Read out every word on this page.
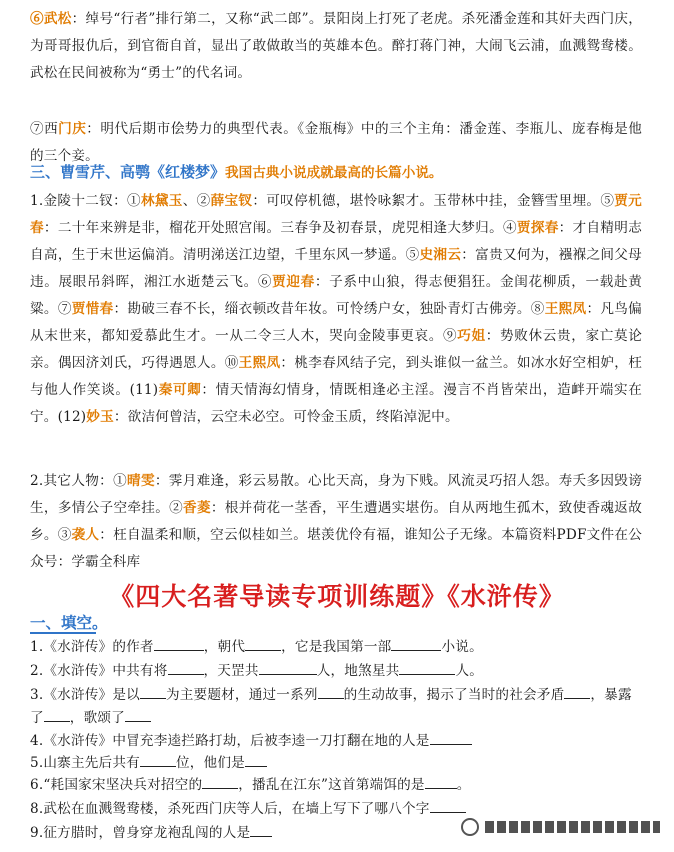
⑥武松：绰号“行者”排行第二，又称“武二郎”。景阳岗上打死了老虎。杀死潘金莲和其奸夫西门庆，为哥哥报仇后，到官衙自首，显出了敢做敢当的英雄本色。醉打蒋门神，大闹飞云浦，血溅鸳鸯楼。武松在民间被称为“勇士”的代名词。
⑦西门庆：明代后期市侩势力的典型代表。《金瓶梅》中的三个主角：潘金莲、李瓶儿、庞春梅是他的三个妾。
三、曹雪芹、高鹗《红楼梦》我国古典小说成就最高的长篇小说。
1.金陵十二钗：①林黛玉、②薛宝钗：可叹停机德，堪怜咏絮才。玉带林中挂，金簪雪里埋。⑤贾元春：二十年来辨是非，榴花开处照宫闱。三春争及初春景，虎兕相逢大梦归。④贾探春：才自精明志自高，生于末世运偏消。清明涕送江边望，千里东风一梦遥。⑤史湘云：富贵又何为，襁褓之间父母违。展眼吊斜晖，湘江水逝楚云飞。⑥贾迎春：子系中山狼，得志便猖狂。金闺花柳质，一载赴黄粱。⑦贾惜春：勘破三春不长，缁衣顿改昔年妆。可怜绣户女，独卧青灯古佛旁。⑧王熙凤：凡鸟偏从末世来，都知爱慕此生才。一从二令三人木，哭向金陵事更哀。⑨巧姐：势败休云贵，家亡莫论亲。偶因济刘氏，巧得遇恩人。⑩王熙凤：桃李春风结子完，到头谁似一盆兰。如冰水好空相妒，枉与他人作笑谈。(11)秦可卿：情天情海幻情身，情既相逢必主淫。漫言不肖皆荣出，造衅开端实在宁。(12)妙玉：欲洁何曾洁，云空未必空。可怜金玉质，终陷淖泥中。
2.其它人物：①晴雯：霁月难逢，彩云易散。心比天高，身为下贱。风流灵巧招人怨。寿夭多因毁谤生，多情公子空牵挂。②香菱：根并荷花一茎香，平生遭遇实堪伤。自从两地生孤木，致使香魂返故乡。③袭人：枉自温柔和顺，空云似桂如兰。堪羡优伶有福，谁知公子无缘。本篇资料PDF文件在公众号：学霸全科库
《四大名著导读专项训练题》《水浒传》
一、填空。
1.《水浒传》的作者	，朝代	，它是我国第一部	小说。
2.《水浒传》中共有将	，天罡共	人，地煞星共	人。
3.《水浒传》是以 为主要题材，通过一系列 的生动故事，揭示了当时的社会矛盾 ，暴露了 ，歌颂了
4.《水浒传》中冒充李逵拦路打劫，后被李逵一刀打翻在地的人是
5.山寨主先后共有	位，他们是
6.“耗国家宋坚决兵对招空的	，播乱在江东”这首第端饵的是 。
8.武松在血溅鸳鸯楼，杀死西门庆等人后，在墙上写下了哪八个字
9.征方腊时，曾身穿龙袍乱闯的人是
